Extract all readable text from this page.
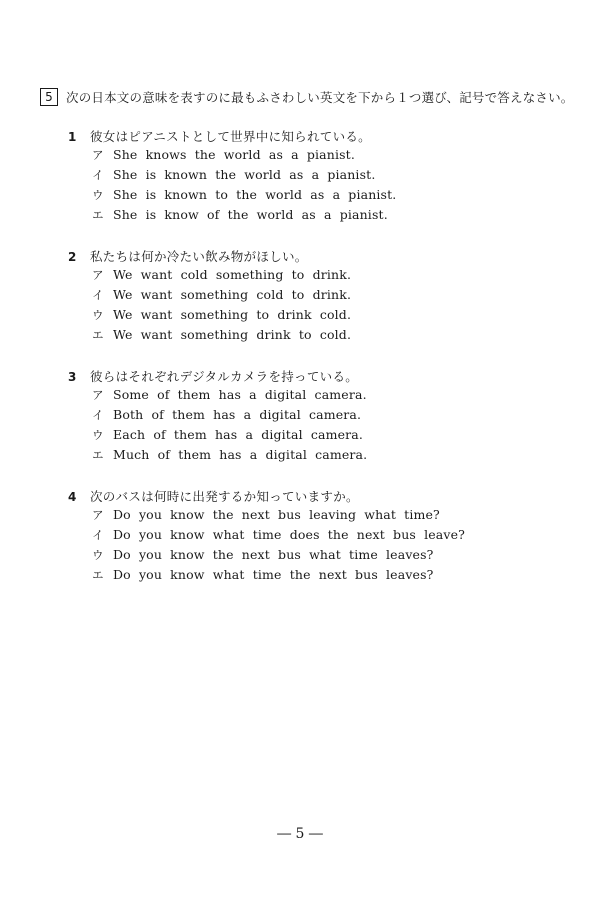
5	次の日本文の意味を表すのに最もふさわしい英文を下から１つ選び、記号で答えなさい。
1	彼女はピアニストとして世界中に知られている。
ア She knows the world as a pianist.
イ She is known the world as a pianist.
ウ She is known to the world as a pianist.
エ She is know of the world as a pianist.
2	私たちは何か冷たい飲み物がほしい。
ア We want cold something to drink.
イ We want something cold to drink.
ウ We want something to drink cold.
エ We want something drink to cold.
3	彼らはそれぞれデジタルカメラを持っている。
ア Some of them has a digital camera.
イ Both of them has a digital camera.
ウ Each of them has a digital camera.
エ Much of them has a digital camera.
4	次のバスは何時に出発するか知っていますか。
ア Do you know the next bus leaving what time?
イ Do you know what time does the next bus leave?
ウ Do you know the next bus what time leaves?
エ Do you know what time the next bus leaves?
― 5 ―
